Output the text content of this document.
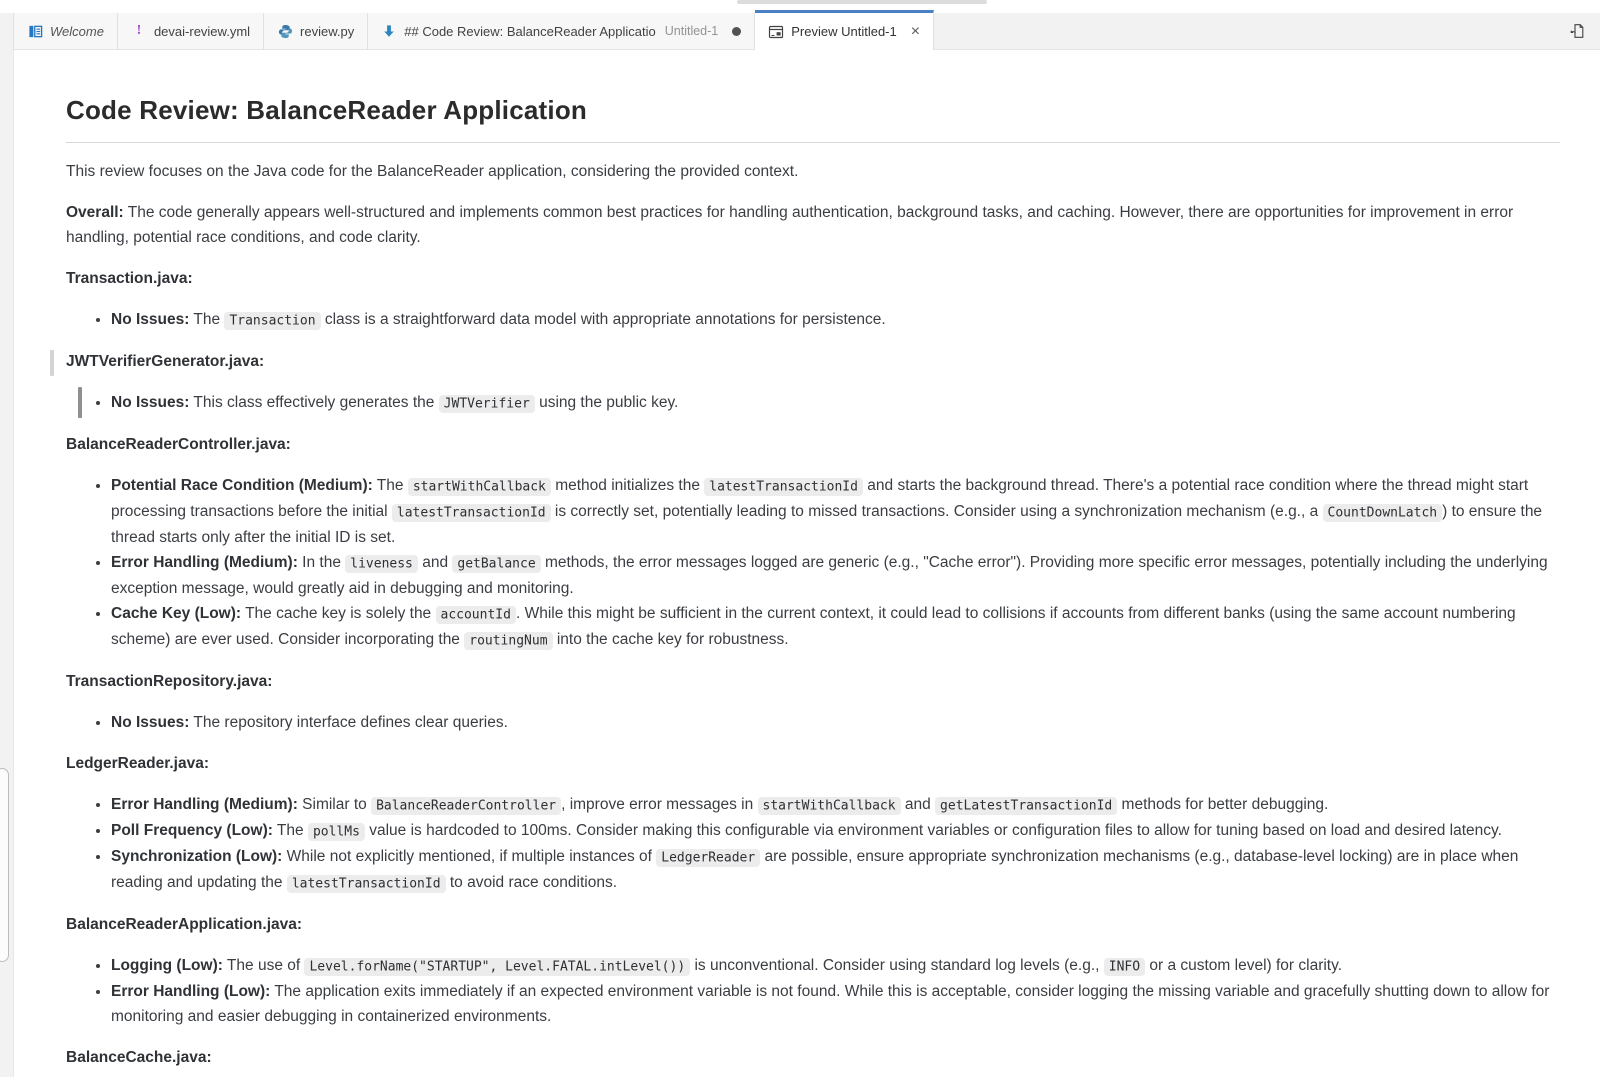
Welcome ! devai-review.yml	review.py	## Code Review: BalanceReader Applicatio Untitled-1	Preview Untitled-1 ×
Code Review: BalanceReader Application

This review focuses on the Java code for the BalanceReader application, considering the provided context.

Overall: The code generally appears well-structured and implements common best practices for handling authentication, background tasks, and caching. However, there are opportunities for improvement in error handling, potential race conditions, and code clarity.

Transaction.java:

• No Issues: The Transaction class is a straightforward data model with appropriate annotations for persistence.

JWTVerifierGenerator.java:

• No Issues: This class effectively generates the JWTVerifier using the public key.

BalanceReaderController.java:

• Potential Race Condition (Medium): The startWithCallback method initializes the latestTransactionId and starts the background thread. There's a potential race condition where the thread might start processing transactions before the initial latestTransactionId is correctly set, potentially leading to missed transactions. Consider using a synchronization mechanism (e.g., a CountDownLatch ) to ensure the thread starts only after the initial ID is set.
• Error Handling (Medium): In the liveness and getBalance methods, the error messages logged are generic (e.g., "Cache error"). Providing more specific error messages, potentially including the underlying exception message, would greatly aid in debugging and monitoring.
• Cache Key (Low): The cache key is solely the accountId . While this might be sufficient in the current context, it could lead to collisions if accounts from different banks (using the same account numbering scheme) are ever used. Consider incorporating the routingNum into the cache key for robustness.

TransactionRepository.java:

• No Issues: The repository interface defines clear queries.

LedgerReader.java:

• Error Handling (Medium): Similar to BalanceReaderController , improve error messages in startWithCallback and getLatestTransactionId methods for better debugging.
• Poll Frequency (Low): The pollMs value is hardcoded to 100ms. Consider making this configurable via environment variables or configuration files to allow for tuning based on load and desired latency.
• Synchronization (Low): While not explicitly mentioned, if multiple instances of LedgerReader are possible, ensure appropriate synchronization mechanisms (e.g., database-level locking) are in place when reading and updating the latestTransactionId to avoid race conditions.

BalanceReaderApplication.java:

• Logging (Low): The use of Level.forName("STARTUP", Level.FATAL.intLevel()) is unconventional. Consider using standard log levels (e.g., INFO or a custom level) for clarity.
• Error Handling (Low): The application exits immediately if an expected environment variable is not found. While this is acceptable, consider logging the missing variable and gracefully shutting down to allow for monitoring and easier debugging in containerized environments.

BalanceCache.java:
